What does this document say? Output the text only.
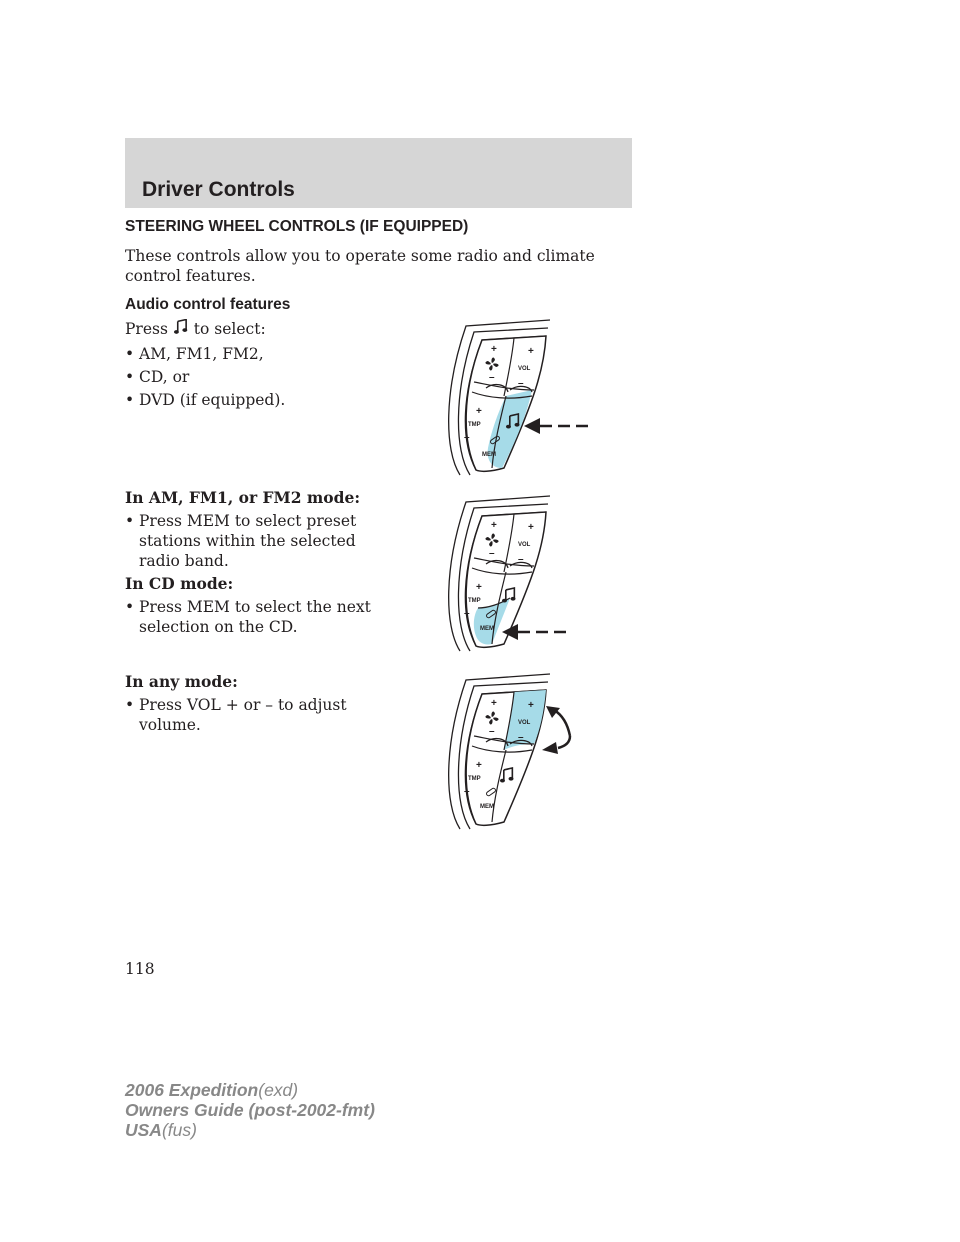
Driver Controls
STEERING WHEEL CONTROLS (IF EQUIPPED)
These controls allow you to operate some radio and climate control features.
Audio control features
Press to select:
• AM, FM1, FM2,
• CD, or
• DVD (if equipped).
In AM, FM1, or FM2 mode:
• Press MEM to select preset stations within the selected radio band.
In CD mode:
• Press MEM to select the next selection on the CD.
In any mode:
• Press VOL + or – to adjust volume.
+
–
+
VOL
–
+
TMP
–
MEM
+
–
+
VOL
–
+
TMP
–
MEM
+
–
+
VOL
–
+
TMP
–
MEM
118
2006 Expedition(exd)
Owners Guide (post-2002-fmt)
USA(fus)
